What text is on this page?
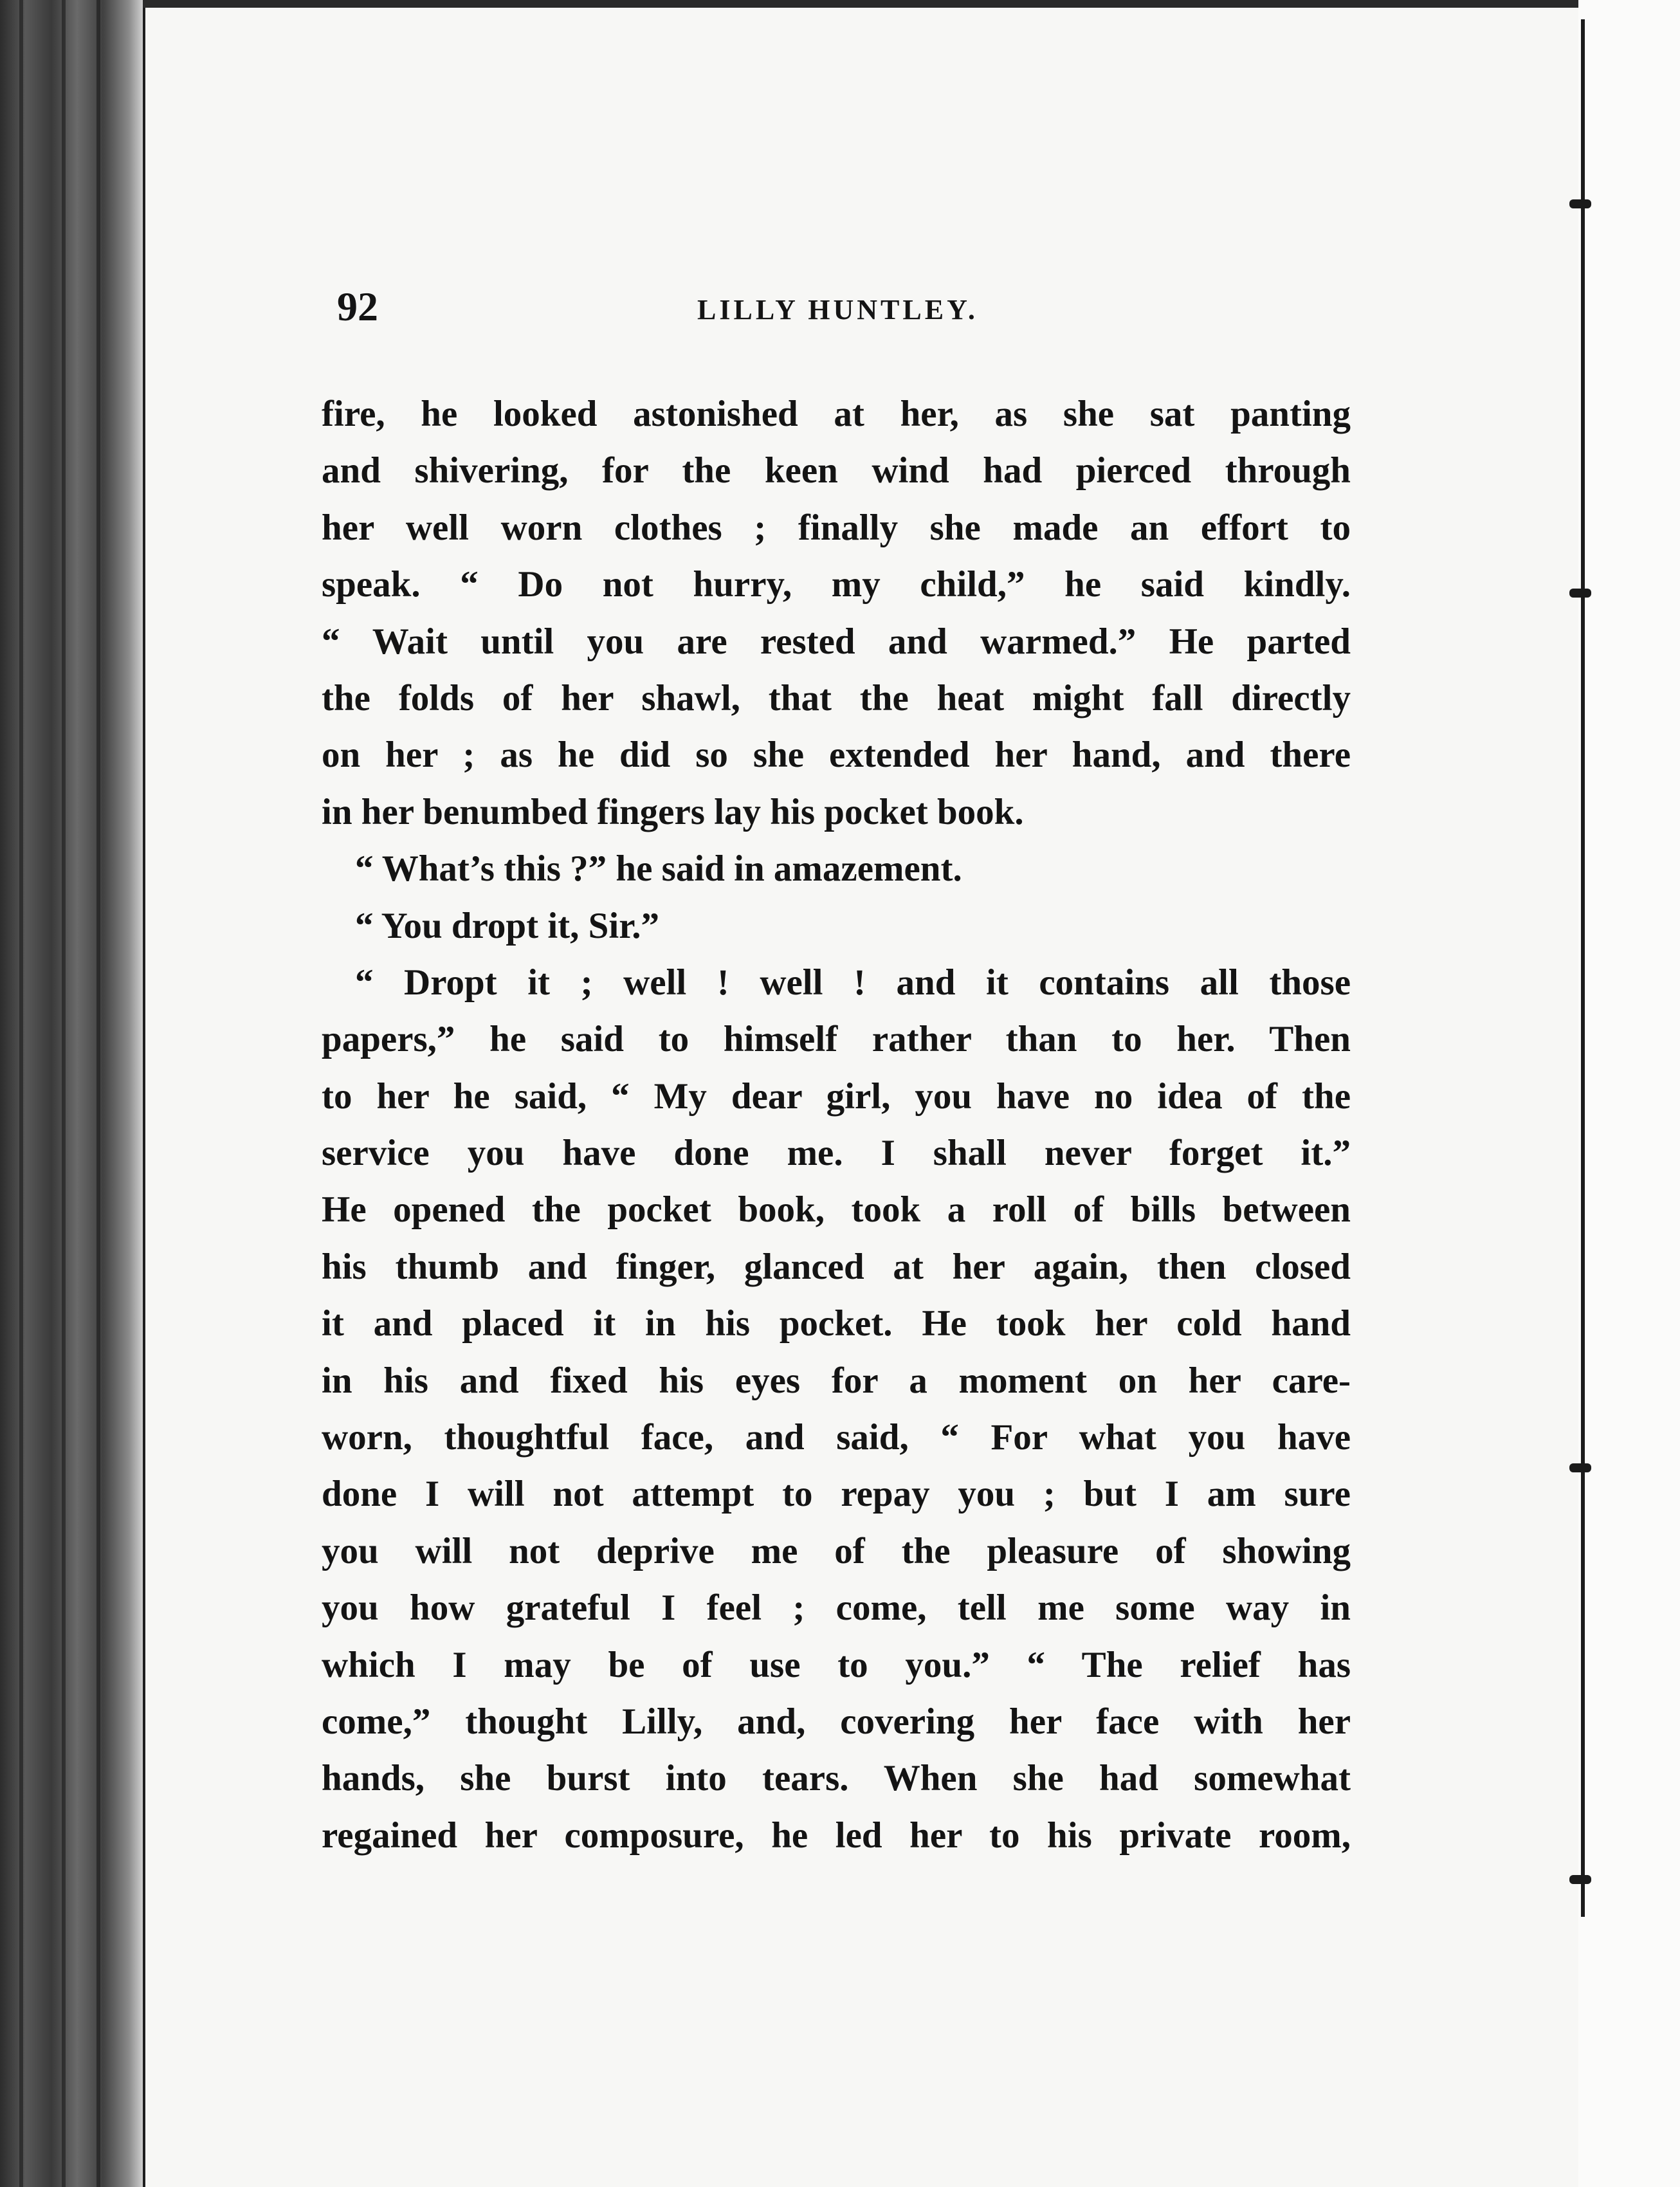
92	LILLY HUNTLEY.
fire, he looked astonished at her, as she sat panting
and shivering, for the keen wind had pierced through
her well worn clothes ; finally she made an effort to
speak. “ Do not hurry, my child,” he said kindly.
“ Wait until you are rested and warmed.” He parted
the folds of her shawl, that the heat might fall directly
on her ; as he did so she extended her hand, and there
in her benumbed fingers lay his pocket book.
“ What’s this ?” he said in amazement.
“ You dropt it, Sir.”
“ Dropt it ; well ! well ! and it contains all those
papers,” he said to himself rather than to her. Then
to her he said, “ My dear girl, you have no idea of the
service you have done me. I shall never forget it.”
He opened the pocket book, took a roll of bills between
his thumb and finger, glanced at her again, then closed
it and placed it in his pocket. He took her cold hand
in his and fixed his eyes for a moment on her care-
worn, thoughtful face, and said, “ For what you have
done I will not attempt to repay you ; but I am sure
you will not deprive me of the pleasure of showing
you how grateful I feel ; come, tell me some way in
which I may be of use to you.” “ The relief has
come,” thought Lilly, and, covering her face with her
hands, she burst into tears. When she had somewhat
regained her composure, he led her to his private room,
